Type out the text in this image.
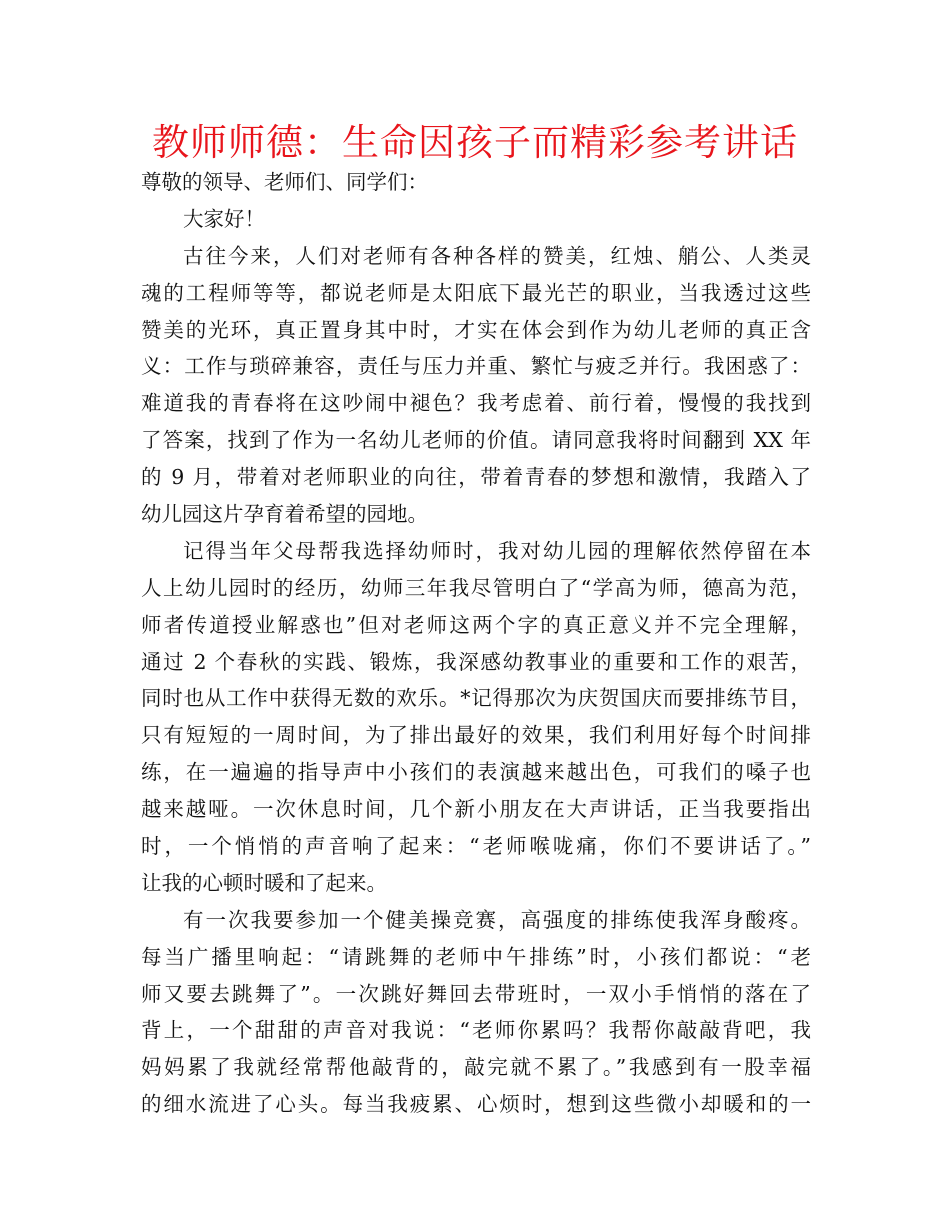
教师师德：生命因孩子而精彩参考讲话
尊敬的领导、老师们、同学们：
大家好！
古往今来，人们对老师有各种各样的赞美，红烛、艄公、人类灵
魂的工程师等等，都说老师是太阳底下最光芒的职业，当我透过这些
赞美的光环，真正置身其中时，才实在体会到作为幼儿老师的真正含
义：工作与琐碎兼容，责任与压力并重、繁忙与疲乏并行。我困惑了：
难道我的青春将在这吵闹中褪色？我考虑着、前行着，慢慢的我找到
了答案，找到了作为一名幼儿老师的价值。请同意我将时间翻到 XX 年
的 9 月，带着对老师职业的向往，带着青春的梦想和激情，我踏入了
幼儿园这片孕育着希望的园地。
记得当年父母帮我选择幼师时，我对幼儿园的理解依然停留在本
人上幼儿园时的经历，幼师三年我尽管明白了“学高为师，德高为范，
师者传道授业解惑也”但对老师这两个字的真正意义并不完全理解，
通过 2 个春秋的实践、锻炼，我深感幼教事业的重要和工作的艰苦，
同时也从工作中获得无数的欢乐。*记得那次为庆贺国庆而要排练节目，
只有短短的一周时间，为了排出最好的效果，我们利用好每个时间排
练，在一遍遍的指导声中小孩们的表演越来越出色，可我们的嗓子也
越来越哑。一次休息时间，几个新小朋友在大声讲话，正当我要指出
时，一个悄悄的声音响了起来：“老师喉咙痛，你们不要讲话了。”
让我的心顿时暖和了起来。
有一次我要参加一个健美操竞赛，高强度的排练使我浑身酸疼。
每当广播里响起：“请跳舞的老师中午排练”时，小孩们都说：“老
师又要去跳舞了”。一次跳好舞回去带班时，一双小手悄悄的落在了
背上，一个甜甜的声音对我说：“老师你累吗？我帮你敲敲背吧，我
妈妈累了我就经常帮他敲背的，敲完就不累了。”我感到有一股幸福
的细水流进了心头。每当我疲累、心烦时，想到这些微小却暖和的一
